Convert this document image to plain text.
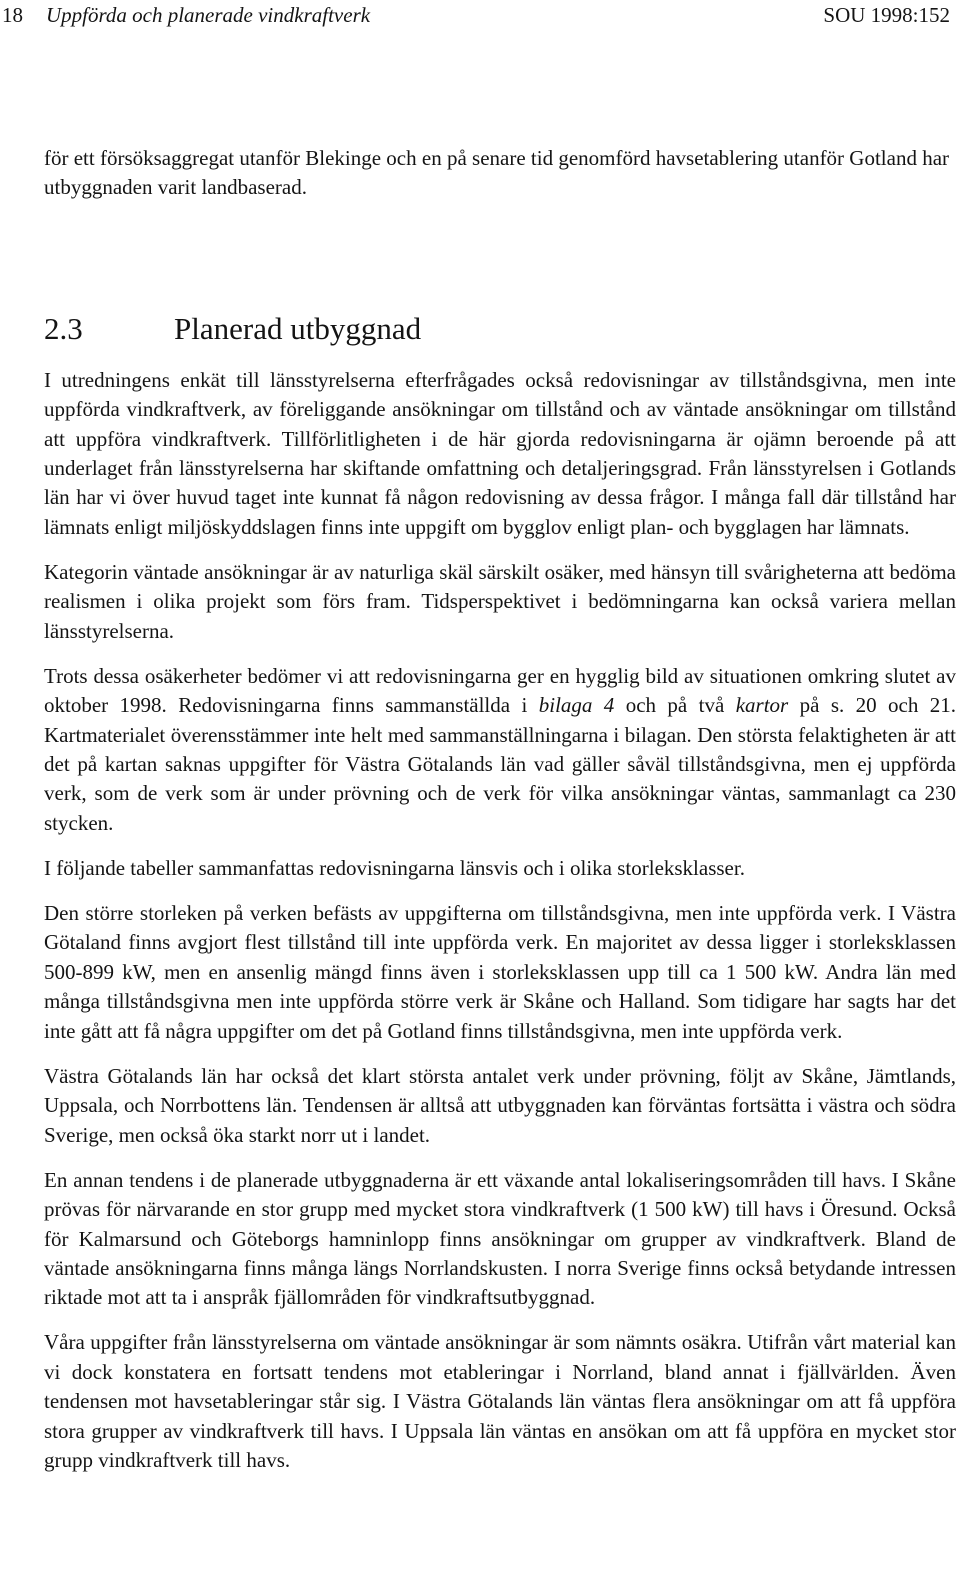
18 Uppförda och planerade vindkraftverk	SOU 1998:152

för ett försöksaggregat utanför Blekinge och en på senare tid genomförd havsetablering utanför Gotland har utbyggnaden varit landbaserad.

2.3	Planerad utbyggnad

I utredningens enkät till länsstyrelserna efterfrågades också redovisningar av tillståndsgivna, men inte uppförda vindkraftverk, av föreliggande ansökningar om tillstånd och av väntade ansökningar om tillstånd att uppföra vindkraftverk. Tillförlitligheten i de här gjorda redovisningarna är ojämn beroende på att underlaget från länsstyrelserna har skiftande omfattning och detaljeringsgrad. Från länsstyrelsen i Gotlands län har vi över huvud taget inte kunnat få någon redovisning av dessa frågor. I många fall där tillstånd har lämnats enligt miljöskyddslagen finns inte uppgift om bygglov enligt plan- och bygglagen har lämnats.

Kategorin väntade ansökningar är av naturliga skäl särskilt osäker, med hänsyn till svårigheterna att bedöma realismen i olika projekt som förs fram. Tidsperspektivet i bedömningarna kan också variera mellan länsstyrelserna.

Trots dessa osäkerheter bedömer vi att redovisningarna ger en hygglig bild av situationen omkring slutet av oktober 1998. Redovisningarna finns sammanställda i bilaga 4 och på två kartor på s. 20 och 21. Kartmaterialet överensstämmer inte helt med sammanställningarna i bilagan. Den största felaktigheten är att det på kartan saknas uppgifter för Västra Götalands län vad gäller såväl tillståndsgivna, men ej uppförda verk, som de verk som är under prövning och de verk för vilka ansökningar väntas, sammanlagt ca 230 stycken.

I följande tabeller sammanfattas redovisningarna länsvis och i olika storleksklasser.

Den större storleken på verken befästs av uppgifterna om tillståndsgivna, men inte uppförda verk. I Västra Götaland finns avgjort flest tillstånd till inte uppförda verk. En majoritet av dessa ligger i storleksklassen 500-899 kW, men en ansenlig mängd finns även i storleksklassen upp till ca 1 500 kW. Andra län med många tillståndsgivna men inte uppförda större verk är Skåne och Halland. Som tidigare har sagts har det inte gått att få några uppgifter om det på Gotland finns tillståndsgivna, men inte uppförda verk.

Västra Götalands län har också det klart största antalet verk under prövning, följt av Skåne, Jämtlands, Uppsala, och Norrbottens län. Tendensen är alltså att utbyggnaden kan förväntas fortsätta i västra och södra Sverige, men också öka starkt norr ut i landet.

En annan tendens i de planerade utbyggnaderna är ett växande antal lokaliseringsområden till havs. I Skåne prövas för närvarande en stor grupp med mycket stora vindkraftverk (1 500 kW) till havs i Öresund. Också för Kalmarsund och Göteborgs hamninlopp finns ansökningar om grupper av vindkraftverk. Bland de väntade ansökningarna finns många längs Norrlandskusten. I norra Sverige finns också betydande intressen riktade mot att ta i anspråk fjällområden för vindkraftsutbyggnad.

Våra uppgifter från länsstyrelserna om väntade ansökningar är som nämnts osäkra. Utifrån vårt material kan vi dock konstatera en fortsatt tendens mot etableringar i Norrland, bland annat i fjällvärlden. Även tendensen mot havsetableringar står sig. I Västra Götalands län väntas flera ansökningar om att få uppföra stora grupper av vindkraftverk till havs. I Uppsala län väntas en ansökan om att få uppföra en mycket stor grupp vindkraftverk till havs.
